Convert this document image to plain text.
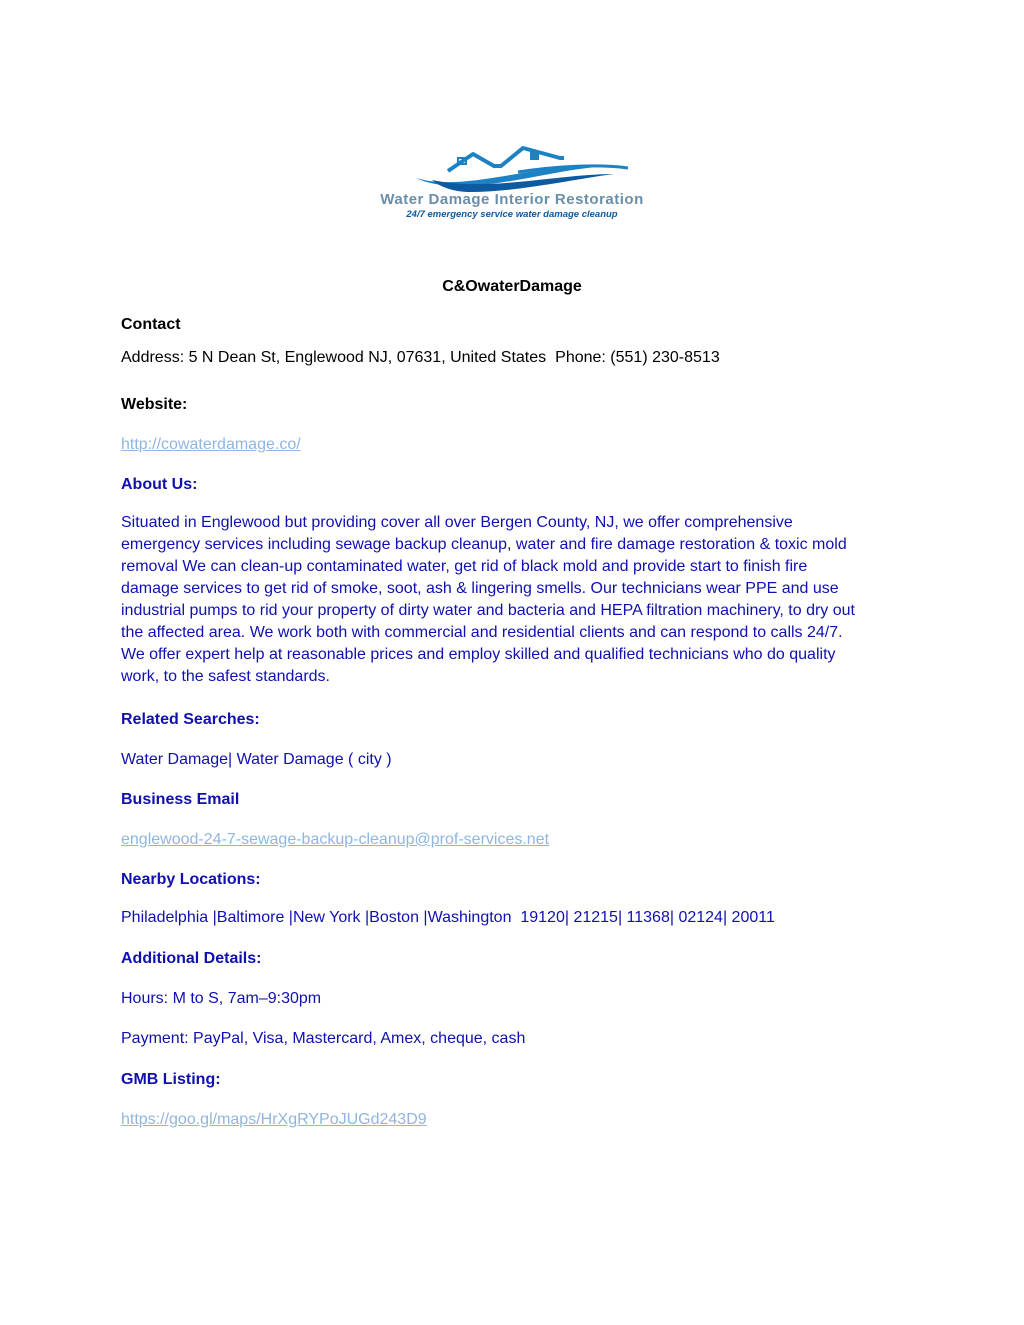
Water Damage Interior Restoration
24/7 emergency service water damage cleanup
C&OwaterDamage
Contact
Address: 5 N Dean St, Englewood NJ, 07631, United States Phone: (551) 230-8513
Website:
http://cowaterdamage.co/
About Us:
Situated in Englewood but providing cover all over Bergen County, NJ, we offer comprehensive
emergency services including sewage backup cleanup, water and fire damage restoration & toxic mold
removal We can clean-up contaminated water, get rid of black mold and provide start to finish fire
damage services to get rid of smoke, soot, ash & lingering smells. Our technicians wear PPE and use
industrial pumps to rid your property of dirty water and bacteria and HEPA filtration machinery, to dry out
the affected area. We work both with commercial and residential clients and can respond to calls 24/7.
We offer expert help at reasonable prices and employ skilled and qualified technicians who do quality
work, to the safest standards.
Related Searches:
Water Damage| Water Damage ( city )
Business Email
englewood-24-7-sewage-backup-cleanup@prof-services.net
Nearby Locations:
Philadelphia |Baltimore |New York |Boston |Washington  19120| 21215| 11368| 02124| 20011
Additional Details:
Hours: M to S, 7am–9:30pm
Payment: PayPal, Visa, Mastercard, Amex, cheque, cash
GMB Listing:
https://goo.gl/maps/HrXgRYPoJUGd243D9
